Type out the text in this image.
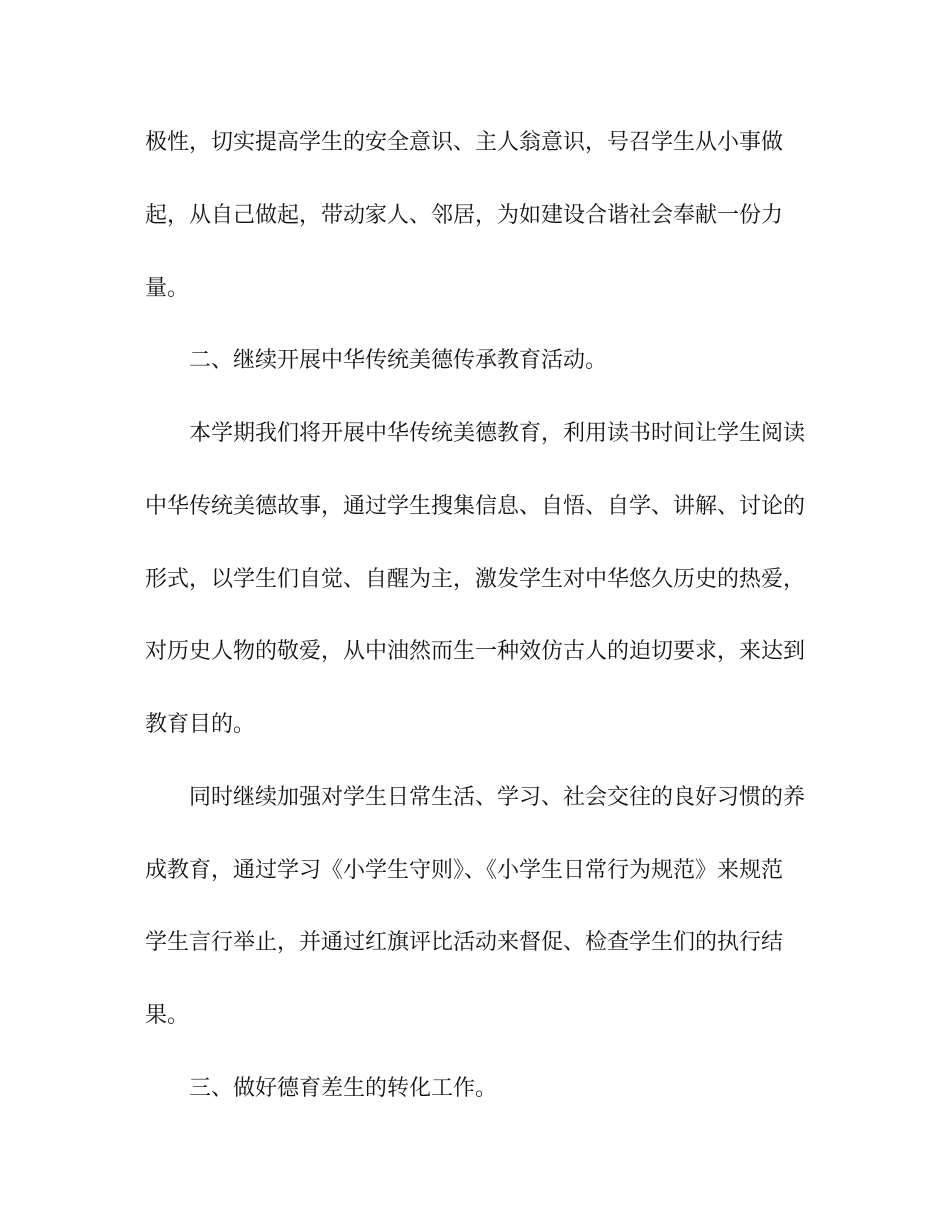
极性，切实提高学生的安全意识、主人翁意识，号召学生从小事做

起，从自己做起，带动家人、邻居，为如建设合谐社会奉献一份力

量。

二、继续开展中华传统美德传承教育活动。

本学期我们将开展中华传统美德教育，利用读书时间让学生阅读

中华传统美德故事，通过学生搜集信息、自悟、自学、讲解、讨论的

形式，以学生们自觉、自醒为主，激发学生对中华悠久历史的热爱，

对历史人物的敬爱，从中油然而生一种效仿古人的迫切要求，来达到

教育目的。

同时继续加强对学生日常生活、学习、社会交往的良好习惯的养

成教育，通过学习《小学生守则》、《小学生日常行为规范》来规范

学生言行举止，并通过红旗评比活动来督促、检查学生们的执行结

果。

三、做好德育差生的转化工作。
